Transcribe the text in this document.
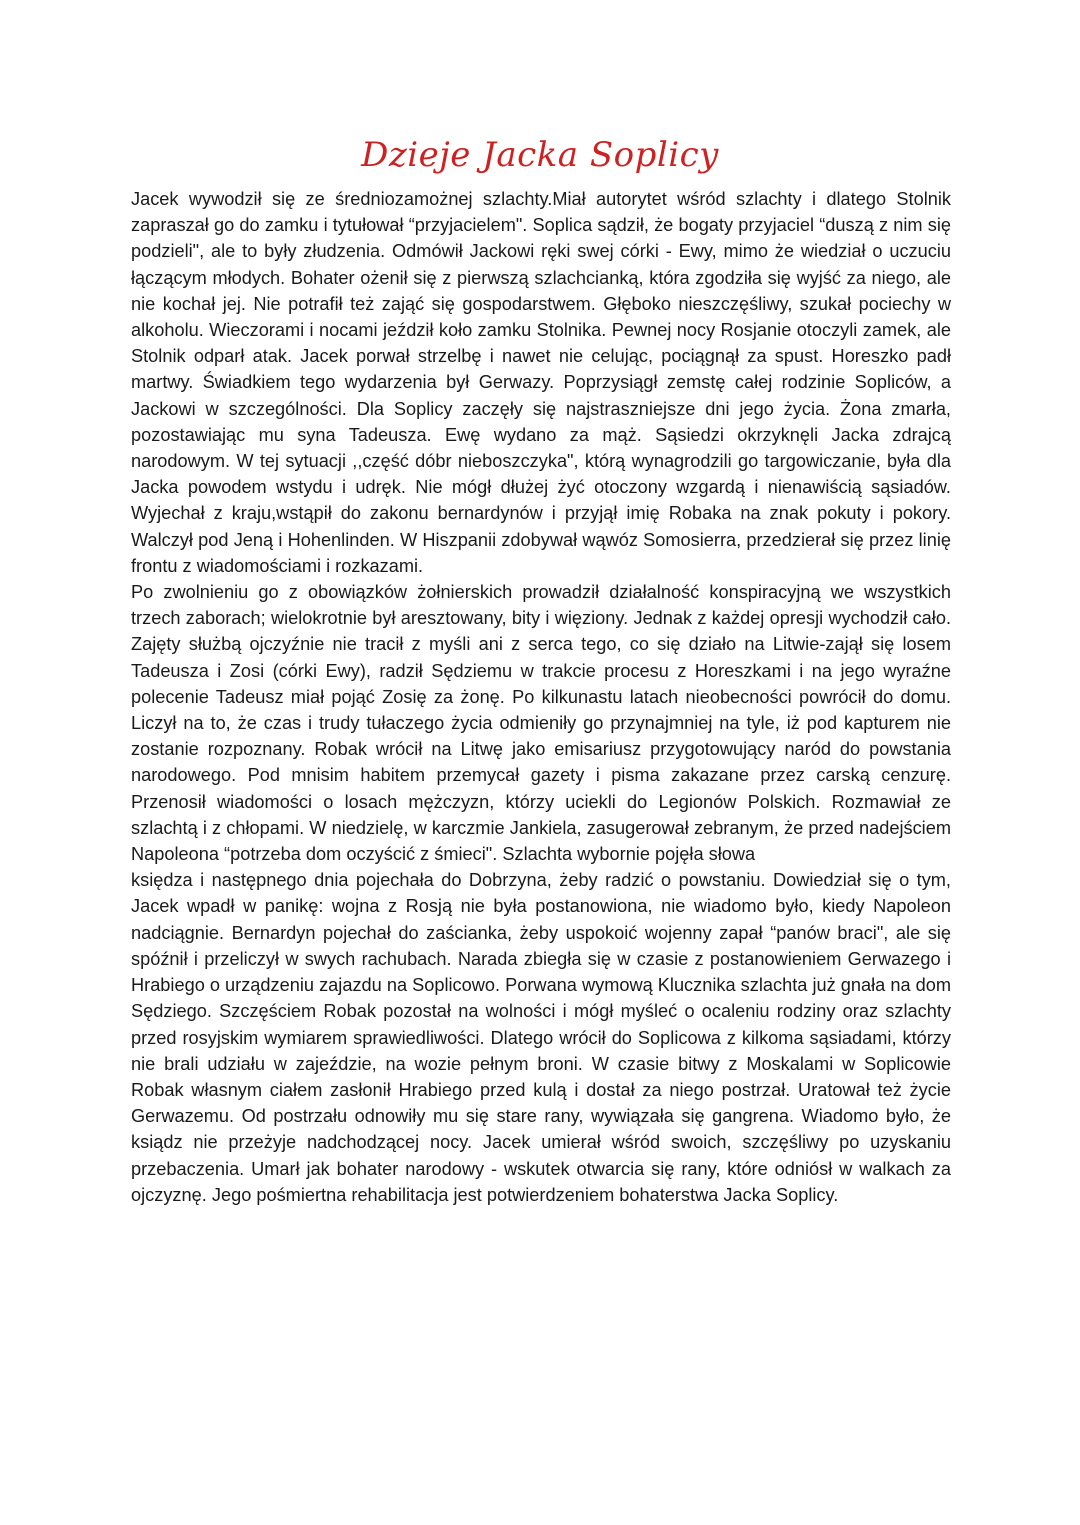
Dzieje Jacka Soplicy

Jacek wywodził się ze średniozamożnej szlachty.Miał autorytet wśród szlachty i dlatego Stolnik zapraszał go do zamku i tytułował “przyjacielem". Soplica sądził, że bogaty przyjaciel “duszą z nim się podzieli", ale to były złudzenia. Odmówił Jackowi ręki swej córki - Ewy, mimo że wiedział o uczuciu łączącym młodych. Bohater ożenił się z pierwszą szlachcianką, która zgodziła się wyjść za niego, ale nie kochał jej. Nie potrafił też zająć się gospodarstwem. Głęboko nieszczęśliwy, szukał pociechy w alkoholu. Wieczorami i nocami jeździł koło zamku Stolnika. Pewnej nocy Rosjanie otoczyli zamek, ale Stolnik odparł atak. Jacek porwał strzelbę i nawet nie celując, pociągnął za spust. Horeszko padł martwy. Świadkiem tego wydarzenia był Gerwazy. Poprzysiągł zemstę całej rodzinie Sopliców, a Jackowi w szczególności. Dla Soplicy zaczęły się najstraszniejsze dni jego życia. Żona zmarła, pozostawiając mu syna Tadeusza. Ewę wydano za mąż. Sąsiedzi okrzyknęli Jacka zdrajcą narodowym. W tej sytuacji ,,część dóbr nieboszczyka", którą wynagrodzili go targowiczanie, była dla Jacka powodem wstydu i udręk. Nie mógł dłużej żyć otoczony wzgardą i nienawiścią sąsiadów. Wyjechał z kraju,wstąpił do zakonu bernardynów i przyjął imię Robaka na znak pokuty i pokory. Walczył pod Jeną i Hohenlinden. W Hiszpanii zdobywał wąwóz Somosierra, przedzierał się przez linię frontu z wiadomościami i rozkazami.

Po zwolnieniu go z obowiązków żołnierskich prowadził działalność konspiracyjną we wszystkich trzech zaborach; wielokrotnie był aresztowany, bity i więziony. Jednak z każdej opresji wychodził cało. Zajęty służbą ojczyźnie nie tracił z myśli ani z serca tego, co się działo na Litwie-zajął się losem Tadeusza i Zosi (córki Ewy), radził Sędziemu w trakcie procesu z Horeszkami i na jego wyraźne polecenie Tadeusz miał pojąć Zosię za żonę. Po kilkunastu latach nieobecności powrócił do domu. Liczył na to, że czas i trudy tułaczego życia odmieniły go przynajmniej na tyle, iż pod kapturem nie zostanie rozpoznany. Robak wrócił na Litwę jako emisariusz przygotowujący naród do powstania narodowego. Pod mnisim habitem przemycał gazety i pisma zakazane przez carską cenzurę. Przenosił wiadomości o losach mężczyzn, którzy uciekli do Legionów Polskich. Rozmawiał ze szlachtą i z chłopami. W niedzielę, w karczmie Jankiela, zasugerował zebranym, że przed nadejściem Napoleona “potrzeba dom oczyścić z śmieci". Szlachta wybornie pojęła słowa

księdza i następnego dnia pojechała do Dobrzyna, żeby radzić o powstaniu. Dowiedział się o tym, Jacek wpadł w panikę: wojna z Rosją nie była postanowiona, nie wiadomo było, kiedy Napoleon nadciągnie. Bernardyn pojechał do zaścianka, żeby uspokoić wojenny zapał “panów braci", ale się spóźnił i przeliczył w swych rachubach. Narada zbiegła się w czasie z postanowieniem Gerwazego i Hrabiego o urządzeniu zajazdu na Soplicowo. Porwana wymową Klucznika szlachta już gnała na dom Sędziego. Szczęściem Robak pozostał na wolności i mógł myśleć o ocaleniu rodziny oraz szlachty przed rosyjskim wymiarem sprawiedliwości. Dlatego wrócił do Soplicowa z kilkoma sąsiadami, którzy nie brali udziału w zajeździe, na wozie pełnym broni. W czasie bitwy z Moskalami w Soplicowie Robak własnym ciałem zasłonił Hrabiego przed kulą i dostał za niego postrzał. Uratował też życie Gerwazemu. Od postrzału odnowiły mu się stare rany, wywiązała się gangrena. Wiadomo było, że ksiądz nie przeżyje nadchodzącej nocy. Jacek umierał wśród swoich, szczęśliwy po uzyskaniu przebaczenia. Umarł jak bohater narodowy - wskutek otwarcia się rany, które odniósł w walkach za ojczyznę. Jego pośmiertna rehabilitacja jest potwierdzeniem bohaterstwa Jacka Soplicy.
